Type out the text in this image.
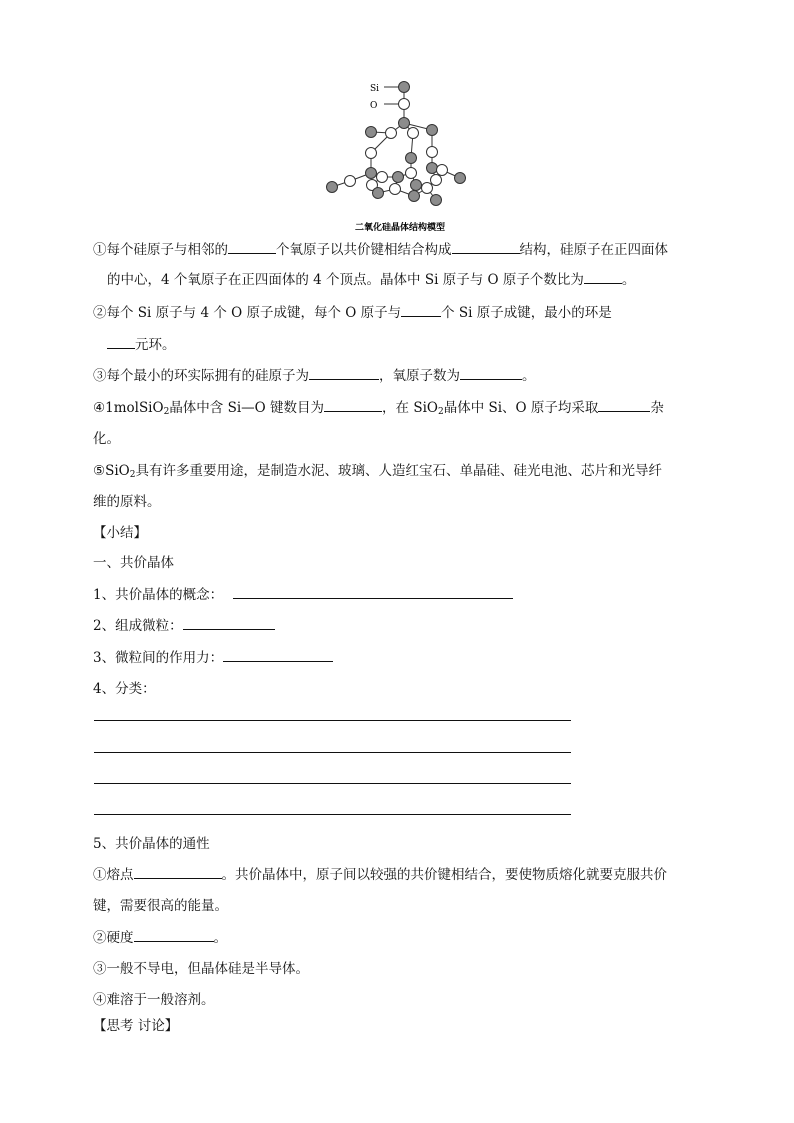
Si
O
二氧化硅晶体结构模型
①每个硅原子与相邻的	个氧原子以共价键相结合构成	结构，硅原子在正四面体
的中心，4 个氧原子在正四面体的 4 个顶点。晶体中 Si 原子与 O 原子个数比为	。
②每个 Si 原子与 4 个 O 原子成键，每个 O 原子与	个 Si 原子成键，最小的环是
元环。
③每个最小的环实际拥有的硅原子为	，氧原子数为	。
④1molSiO$_2$晶体中含 Si—O 键数目为	，在 SiO$_2$晶体中 Si、O 原子均采取	杂
化。
⑤SiO$_2$具有许多重要用途，是制造水泥、玻璃、人造红宝石、单晶硅、硅光电池、芯片和光导纤
维的原料。
【小结】
一、共价晶体
1、共价晶体的概念：
2、组成微粒：
3、微粒间的作用力：
4、分类：
5、共价晶体的通性
①熔点	。共价晶体中，原子间以较强的共价键相结合，要使物质熔化就要克服共价
键，需要很高的能量。
②硬度	。
③一般不导电，但晶体硅是半导体。
④难溶于一般溶剂。
【思考 讨论】
